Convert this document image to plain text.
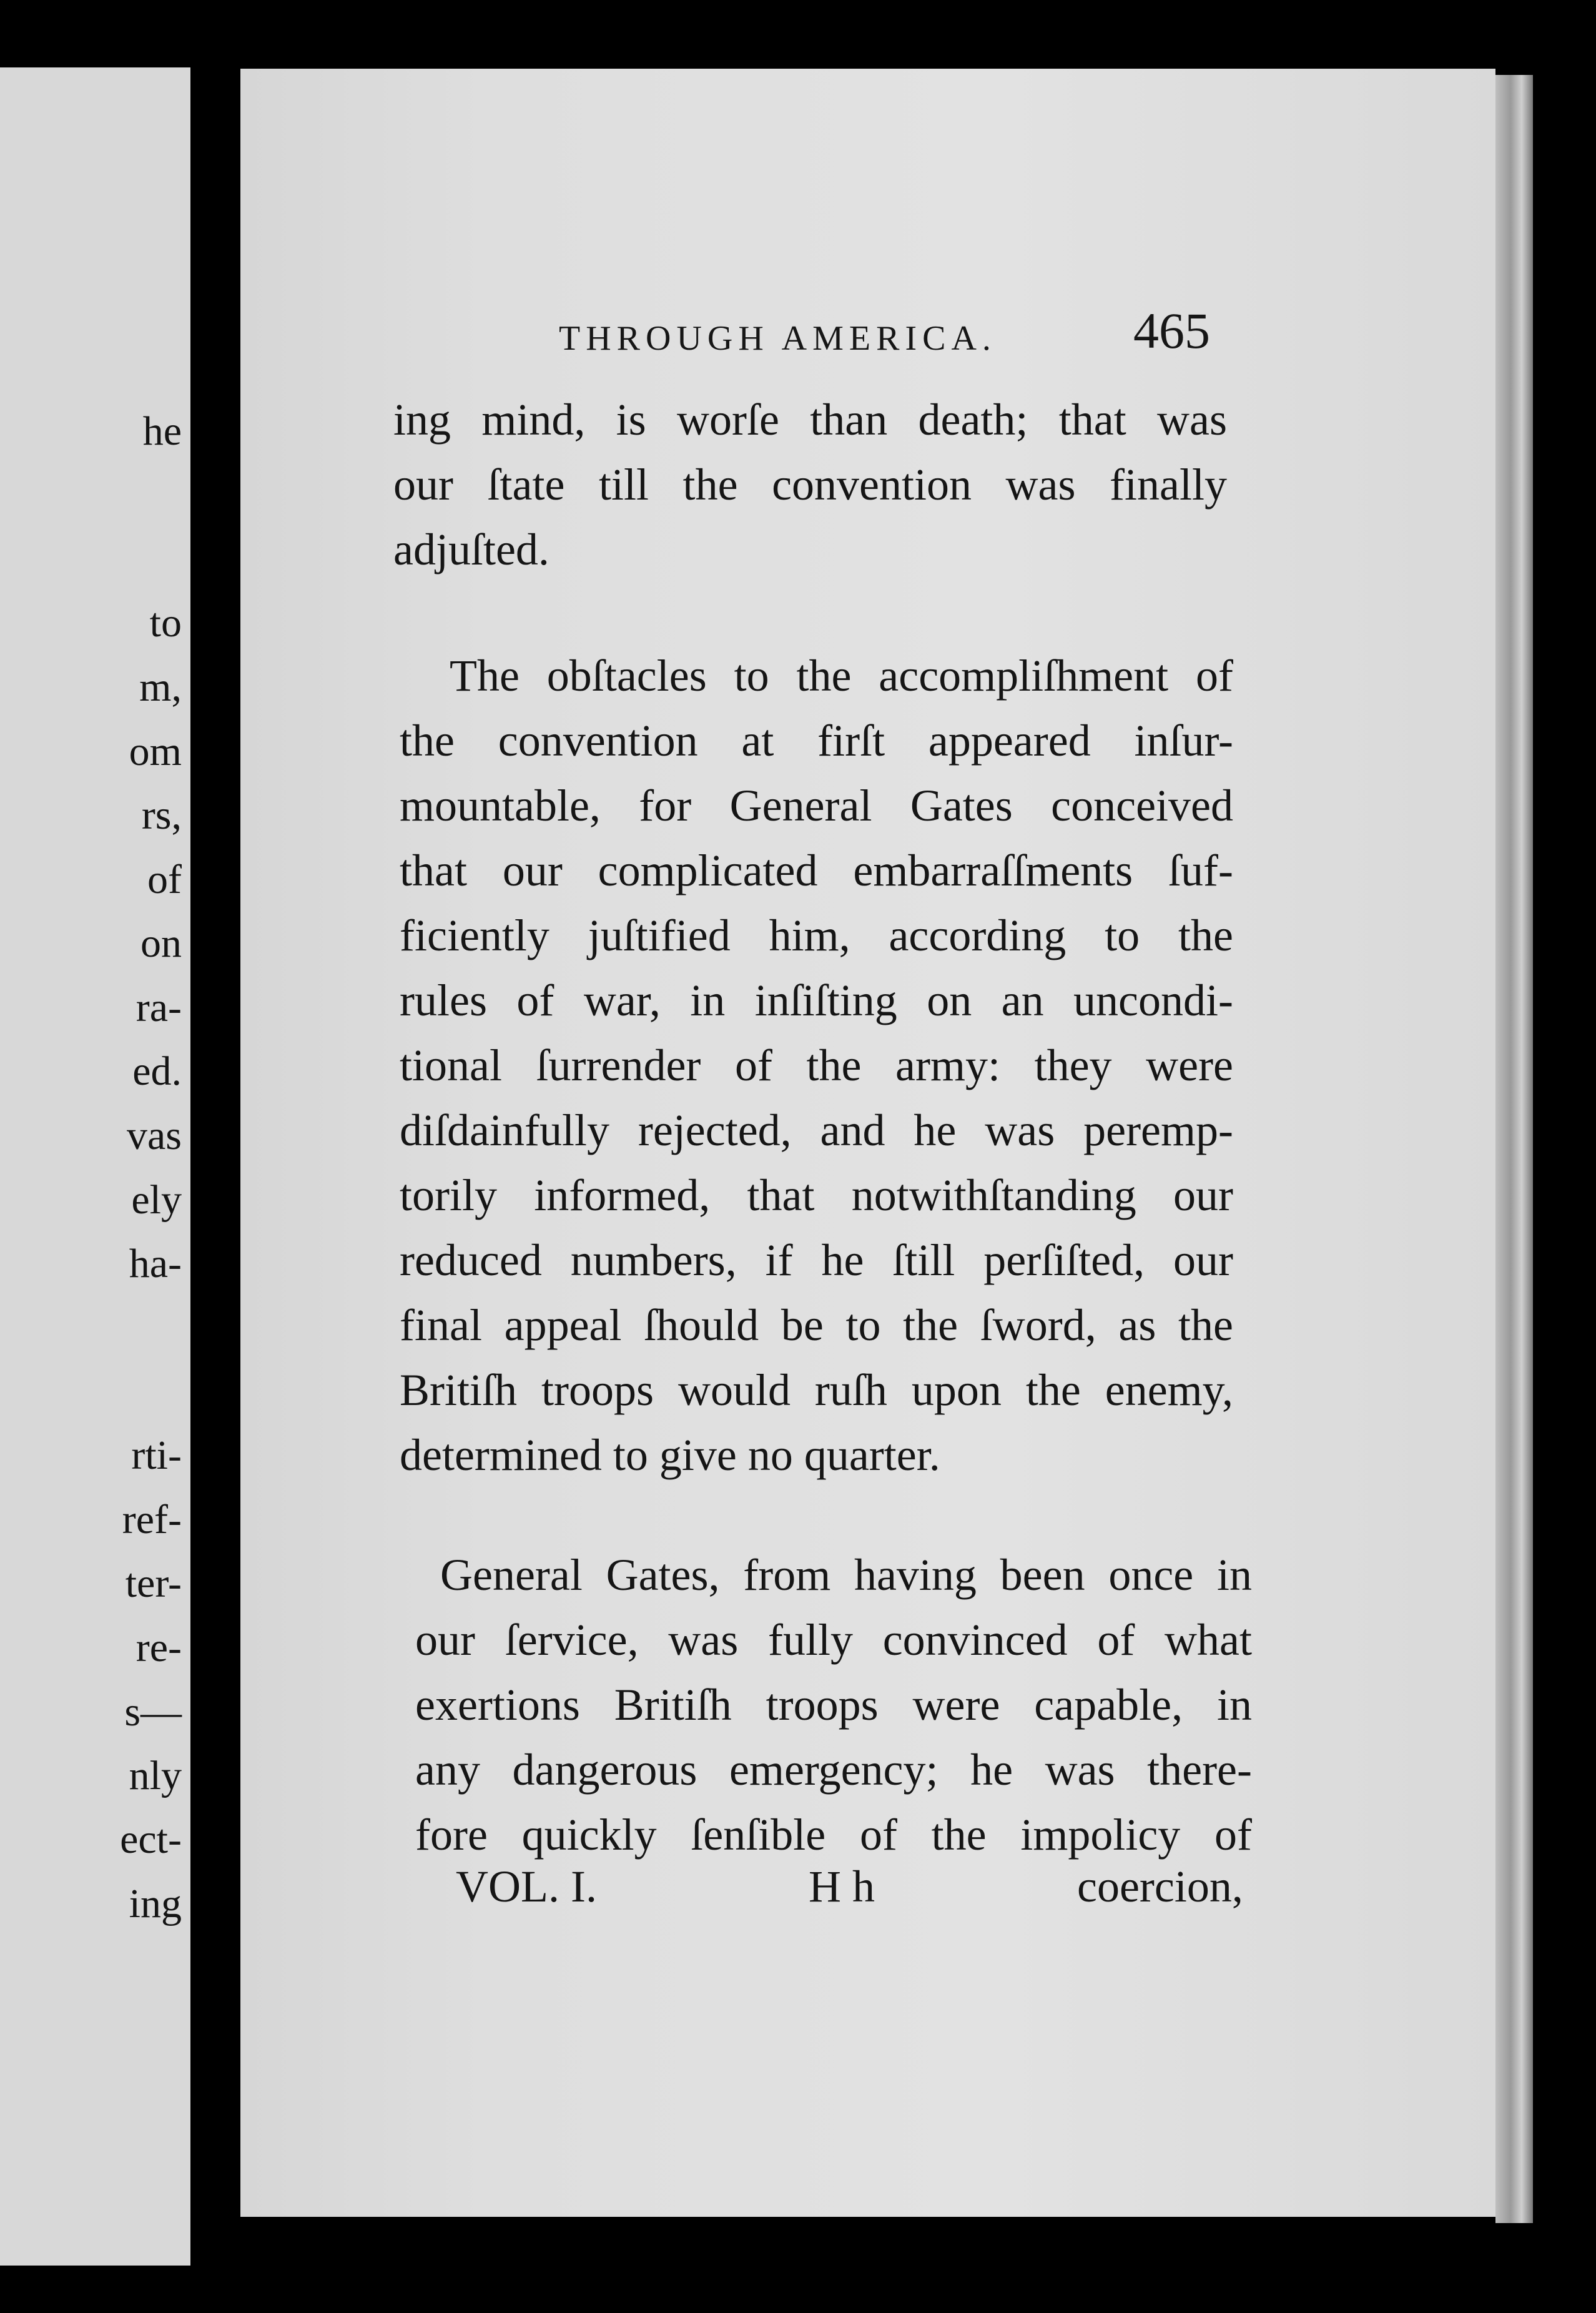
he
to
m,
om
rs,
of
on
ra-
ed.
vas
ely
ha-
rti-
ref-
ter-
re-
s—
nly
ect-
ing
THROUGH AMERICA.	465
ing mind, is worſe than death; that was
our ſtate till the convention was finally
adjuſted.
The obſtacles to the accompliſhment of
the convention at firſt appeared inſur-
mountable, for General Gates conceived
that our complicated embarraſſments ſuf-
ficiently juſtified him, according to the
rules of war, in inſiſting on an uncondi-
tional ſurrender of the army: they were
diſdainfully rejected, and he was peremp-
torily informed, that notwithſtanding our
reduced numbers, if he ſtill perſiſted, our
final appeal ſhould be to the ſword, as the
Britiſh troops would ruſh upon the enemy,
determined to give no quarter.
General Gates, from having been once in
our ſervice, was fully convinced of what
exertions Britiſh troops were capable, in
any dangerous emergency; he was there-
fore quickly ſenſible of the impolicy of
VOL. I.	H h	coercion,
